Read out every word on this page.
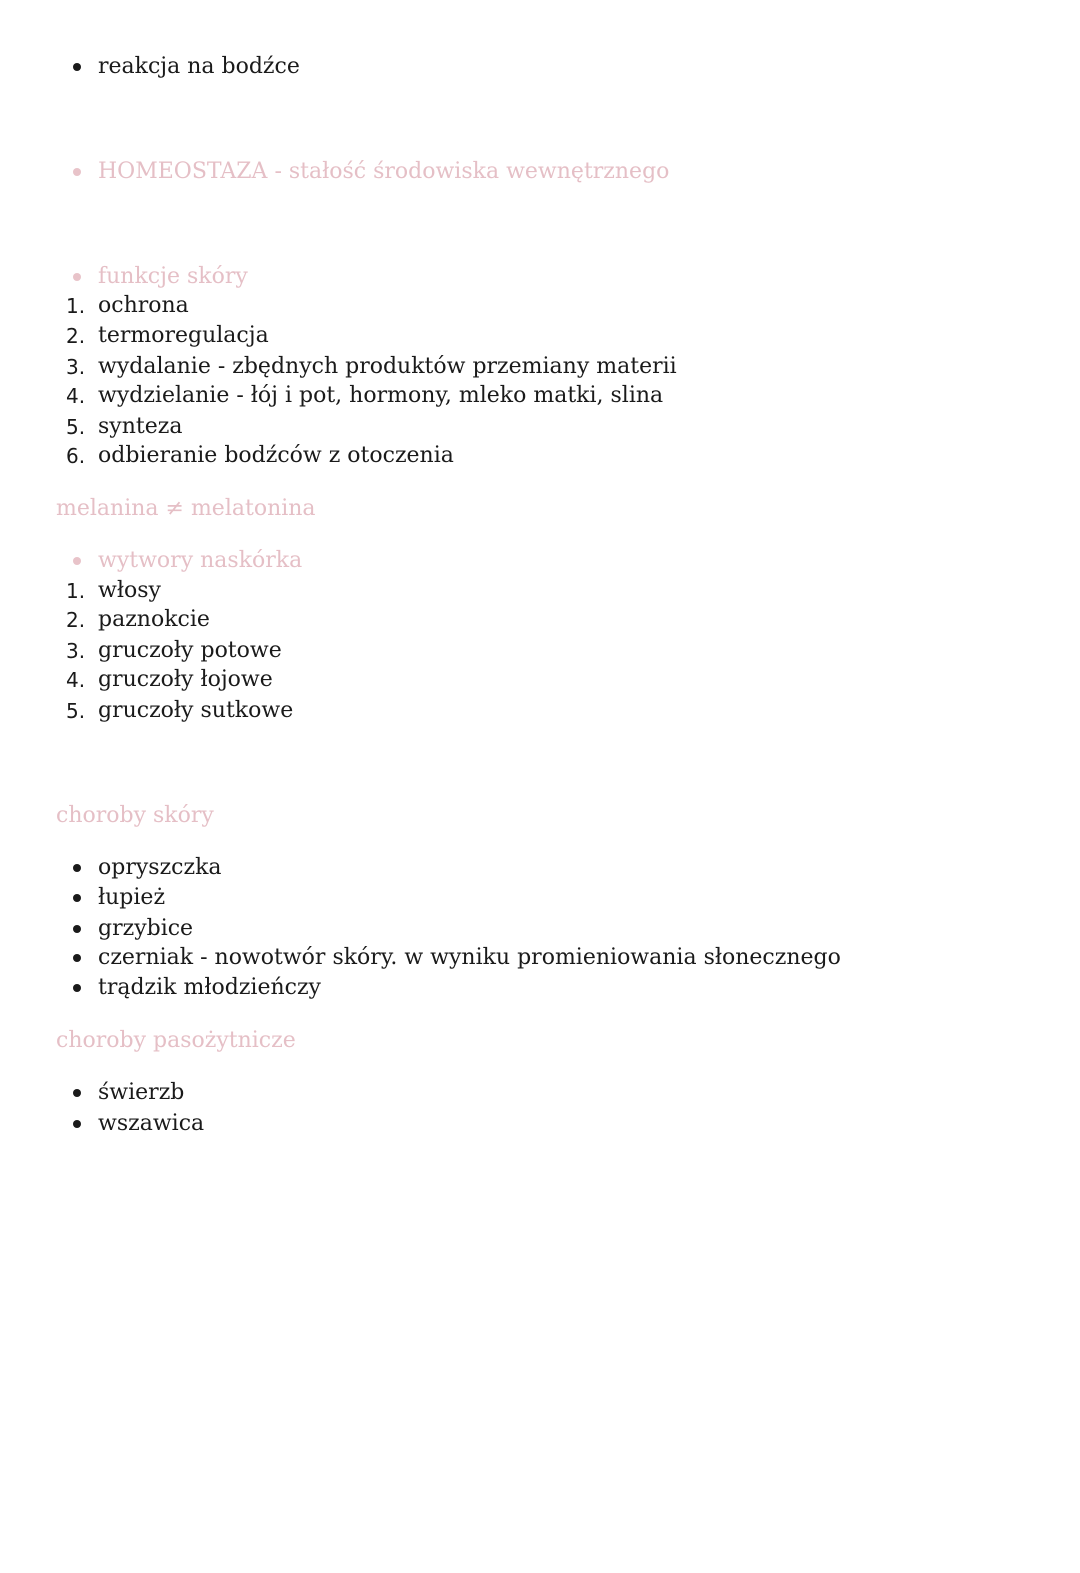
reakcja na bodźce
HOMEOSTAZA - stałość środowiska wewnętrznego
funkcje skóry
1. ochrona
2. termoregulacja
3. wydalanie - zbędnych produktów przemiany materii
4. wydzielanie - łój i pot, hormony, mleko matki, slina
5. synteza
6. odbieranie bodźców z otoczenia
melanina ≠ melatonina
wytwory naskórka
1. włosy
2. paznokcie
3. gruczoły potowe
4. gruczoły łojowe
5. gruczoły sutkowe
choroby skóry
opryszczka
łupież
grzybice
czerniak - nowotwór skóry. w wyniku promieniowania słonecznego
trądzik młodzieńczy
choroby pasożytnicze
świerzb
wszawica
